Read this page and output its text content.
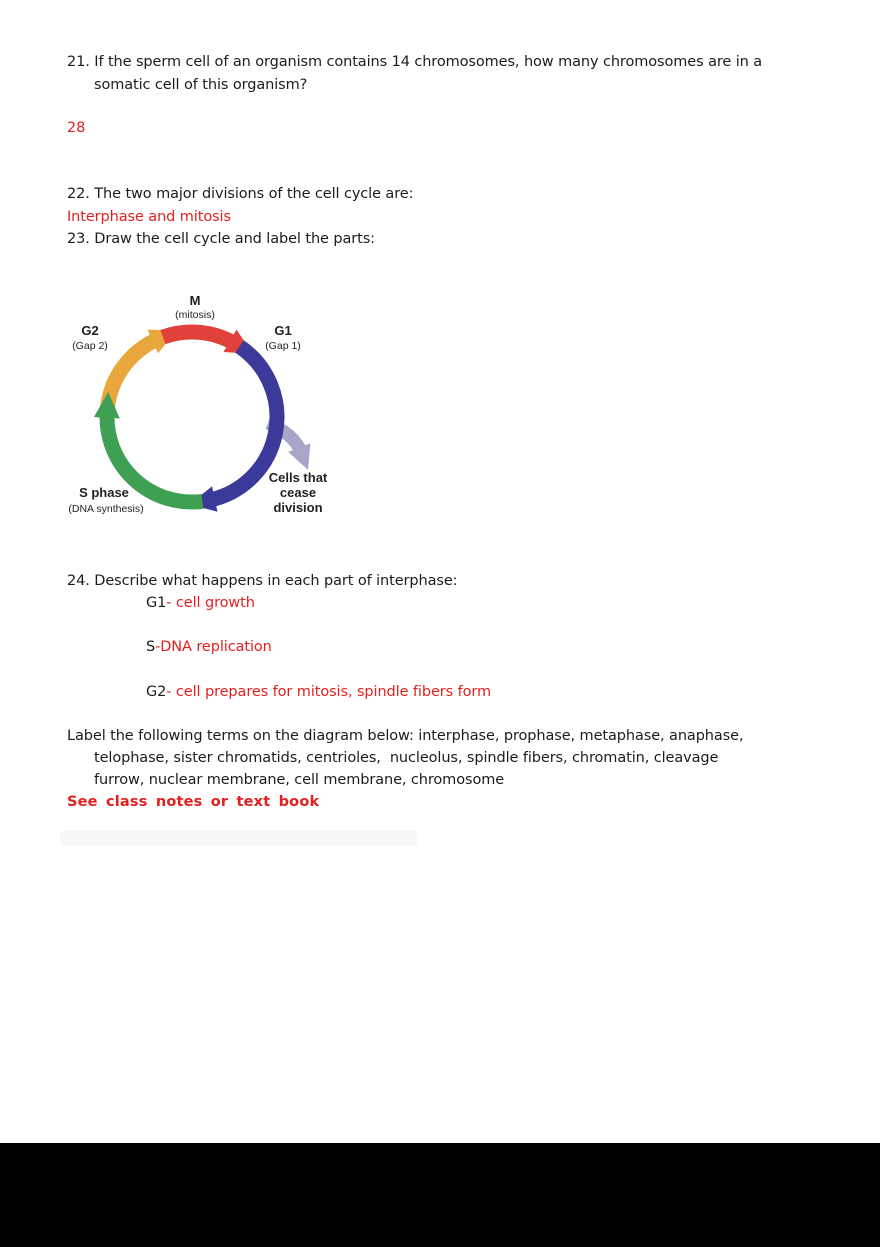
21. If the sperm cell of an organism contains 14 chromosomes, how many chromosomes are in a
somatic cell of this organism?
28
22. The two major divisions of the cell cycle are:
Interphase and mitosis
23. Draw the cell cycle and label the parts:
M
(mitosis)
G2
(Gap 2)
G1
(Gap 1)
S phase
(DNA synthesis)
Cells that
cease
division
24. Describe what happens in each part of interphase:
G1- cell growth
S-DNA replication
G2- cell prepares for mitosis, spindle fibers form
Label the following terms on the diagram below: interphase, prophase, metaphase, anaphase,
telophase, sister chromatids, centrioles,  nucleolus, spindle fibers, chromatin, cleavage
furrow, nuclear membrane, cell membrane, chromosome
See class notes or text book
